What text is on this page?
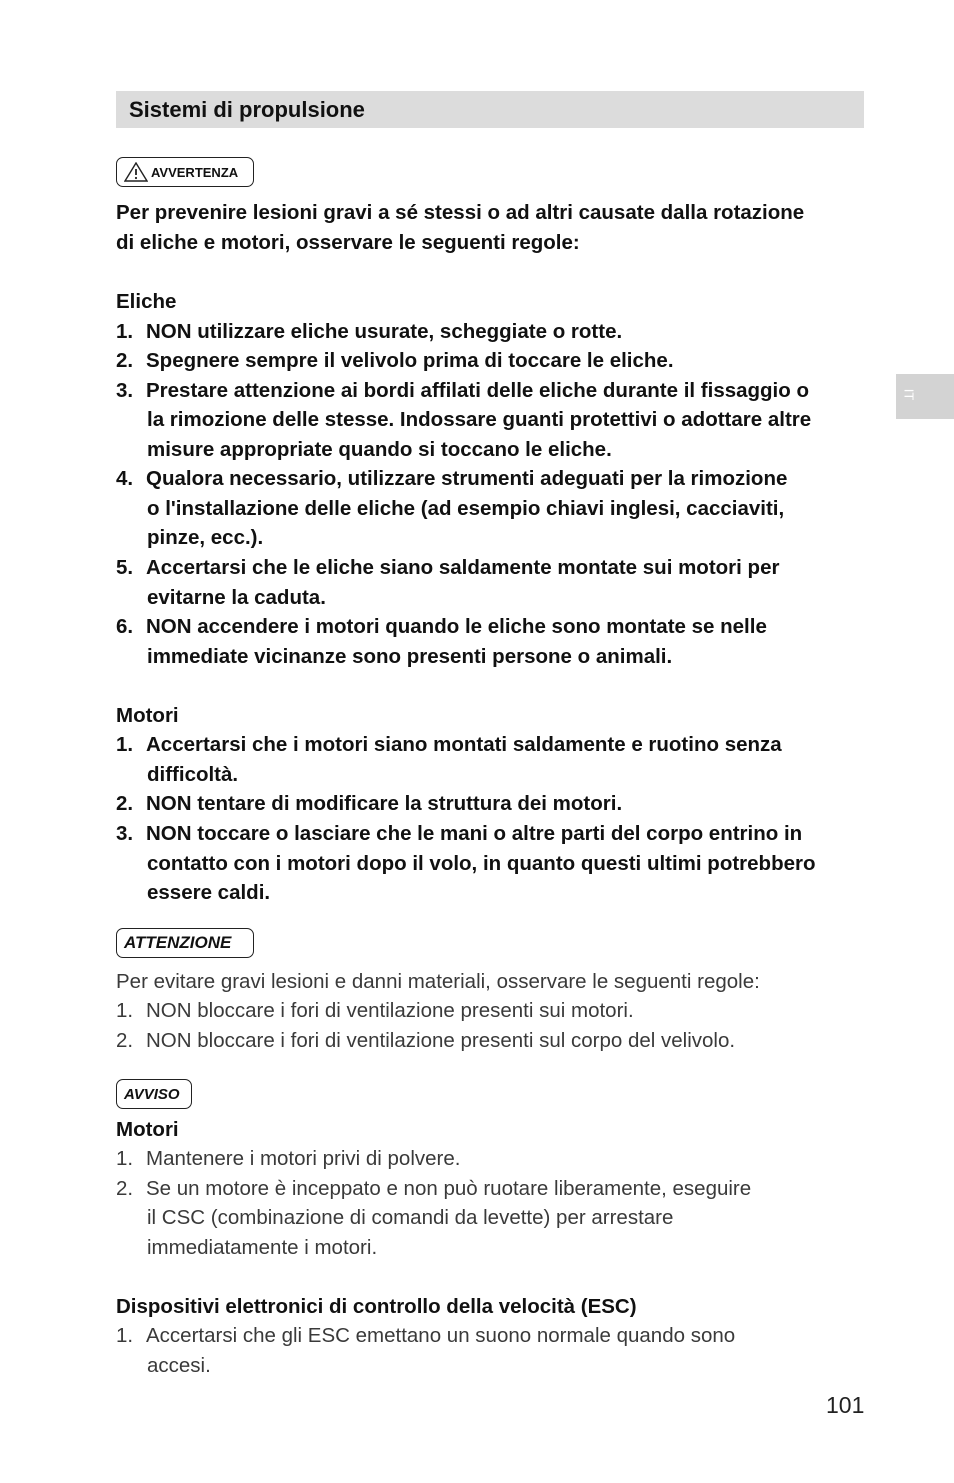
Sistemi di propulsione
IT
AVVERTENZA
Per prevenire lesioni gravi a sé stessi o ad altri causate dalla rotazione
di eliche e motori, osservare le seguenti regole:
Eliche
1. NON utilizzare eliche usurate, scheggiate o rotte.
2. Spegnere sempre il velivolo prima di toccare le eliche.
3. Prestare attenzione ai bordi affilati delle eliche durante il fissaggio o
la rimozione delle stesse. Indossare guanti protettivi o adottare altre
misure appropriate quando si toccano le eliche.
4. Qualora necessario, utilizzare strumenti adeguati per la rimozione
o l'installazione delle eliche (ad esempio chiavi inglesi, cacciaviti,
pinze, ecc.).
5. Accertarsi che le eliche siano saldamente montate sui motori per
evitarne la caduta.
6. NON accendere i motori quando le eliche sono montate se nelle
immediate vicinanze sono presenti persone o animali.
Motori
1. Accertarsi che i motori siano montati saldamente e ruotino senza
difficoltà.
2. NON tentare di modificare la struttura dei motori.
3. NON toccare o lasciare che le mani o altre parti del corpo entrino in
contatto con i motori dopo il volo, in quanto questi ultimi potrebbero
essere caldi.
ATTENZIONE
Per evitare gravi lesioni e danni materiali, osservare le seguenti regole:
1. NON bloccare i fori di ventilazione presenti sui motori.
2. NON bloccare i fori di ventilazione presenti sul corpo del velivolo.
AVVISO
Motori
1. Mantenere i motori privi di polvere.
2. Se un motore è inceppato e non può ruotare liberamente, eseguire
il CSC (combinazione di comandi da levette) per arrestare
immediatamente i motori.
Dispositivi elettronici di controllo della velocità (ESC)
1. Accertarsi che gli ESC emettano un suono normale quando sono
accesi.
101
